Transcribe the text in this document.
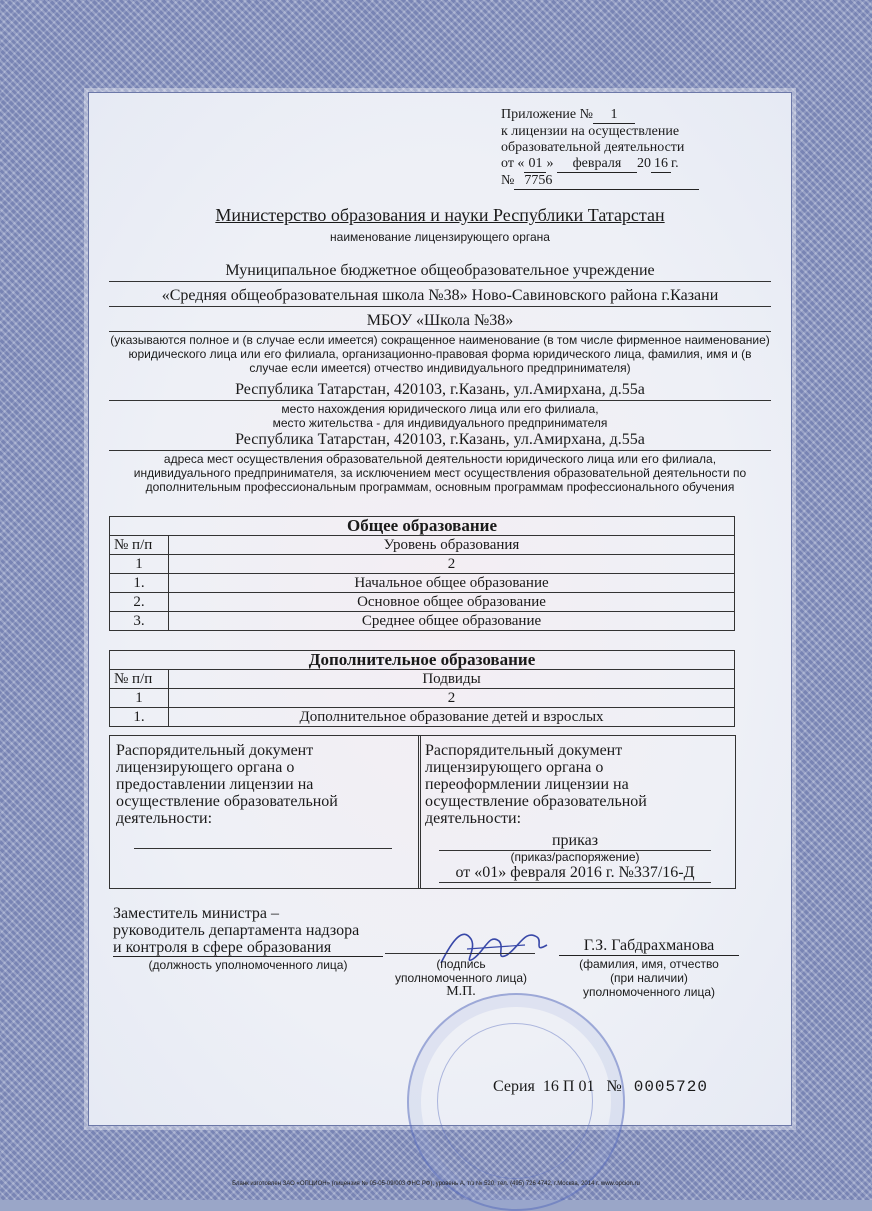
Приложение № 1
к лицензии на осуществление
образовательной деятельности
от « 01 » февраля 20 16 г.
№ 7756
Министерство образования и науки Республики Татарстан
наименование лицензирующего органа
Муниципальное бюджетное общеобразовательное учреждение
«Средняя общеобразовательная школа №38» Ново-Савиновского района г.Казани
МБОУ «Школа №38»
(указываются полное и (в случае если имеется) сокращенное наименование (в том числе фирменное наименование) юридического лица или его филиала, организационно-правовая форма юридического лица, фамилия, имя и (в случае если имеется) отчество индивидуального предпринимателя)
Республика Татарстан, 420103, г.Казань, ул.Амирхана, д.55а
место нахождения юридического лица или его филиала,
место жительства - для индивидуального предпринимателя
Республика Татарстан, 420103, г.Казань, ул.Амирхана, д.55а
адреса мест осуществления образовательной деятельности юридического лица или его филиала, индивидуального предпринимателя, за исключением мест осуществления образовательной деятельности по дополнительным профессиональным программам, основным программам профессионального обучения
Общее образование	
№ п/п	Уровень образования
1	2
1.	Начальное общее образование
2.	Основное общее образование
3.	Среднее общее образование
Дополнительное образование	
№ п/п	Подвиды
1	2
1.	Дополнительное образование детей и взрослых
Распорядительный документ лицензирующего органа о предоставлении лицензии на осуществление образовательной деятельности:
Распорядительный документ лицензирующего органа о переоформлении лицензии на осуществление образовательной деятельности:
приказ
(приказ/распоряжение)
от «01» февраля 2016 г. №337/16-Д
Заместитель министра –
руководитель департамента надзора
и контроля в сфере образования
(должность уполномоченного лица)	(подпись
уполномоченного лица)
М.П.
Г.З. Габдрахманова
(фамилия, имя, отчество
(при наличии)
уполномоченного лица)
Серия 16 П 01 № 0005720
Бланк изготовлен ЗАО «ОПЦИОН» (лицензия № 05-05-09/003 ФНС РФ), уровень А, т/з № 520, тел. (495) 726 4742, г.Москва, 2014 г. www.opcion.ru
